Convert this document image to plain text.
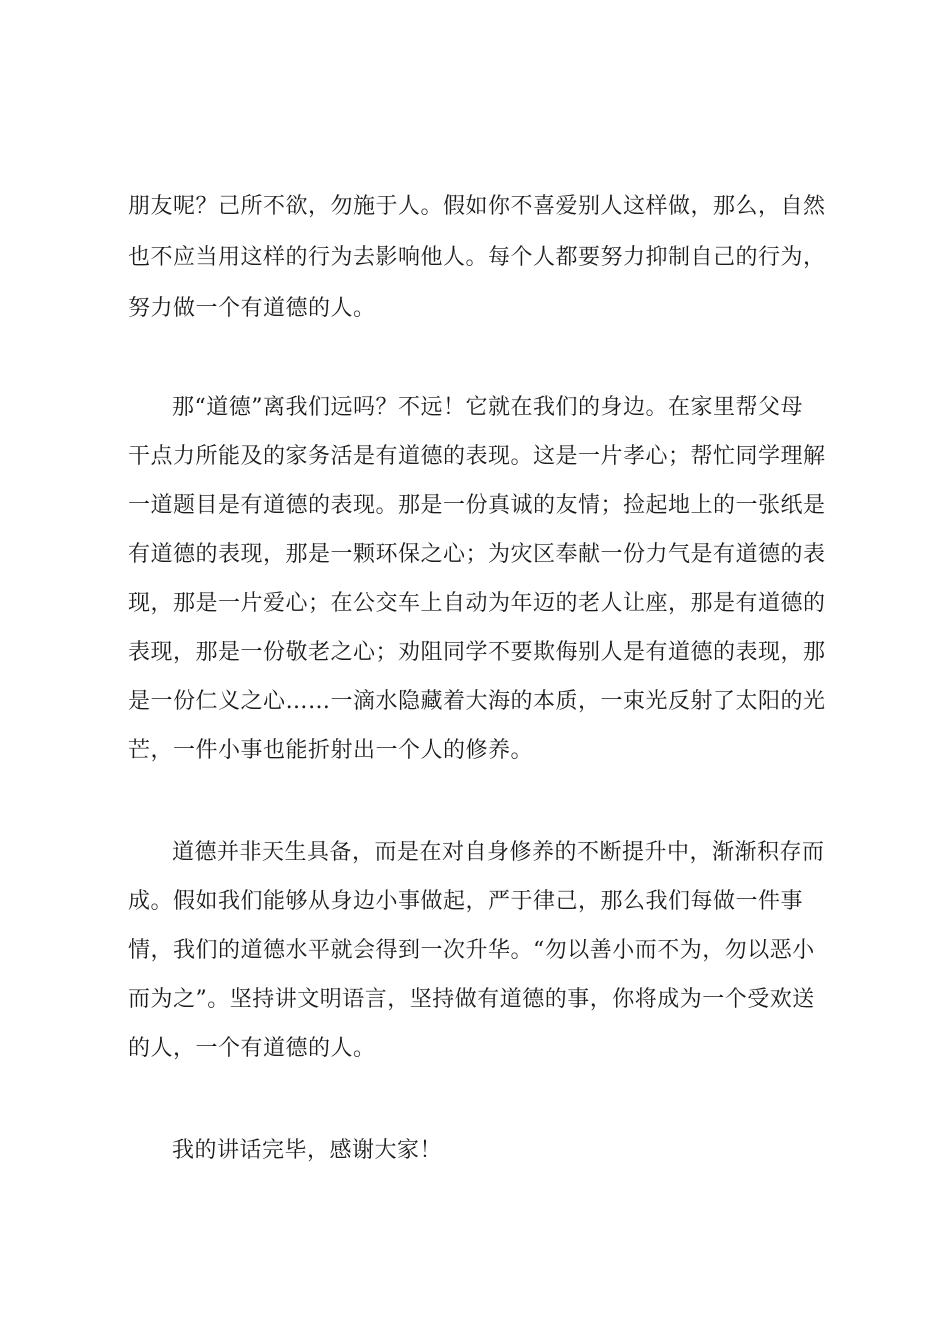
朋友呢？己所不欲，勿施于人。假如你不喜爱别人这样做，那么，自然

也不应当用这样的行为去影响他人。每个人都要努力抑制自己的行为，

努力做一个有道德的人。

那“道德”离我们远吗？不远！它就在我们的身边。在家里帮父母

干点力所能及的家务活是有道德的表现。这是一片孝心；帮忙同学理解

一道题目是有道德的表现。那是一份真诚的友情；捡起地上的一张纸是

有道德的表现，那是一颗环保之心；为灾区奉献一份力气是有道德的表

现，那是一片爱心；在公交车上自动为年迈的老人让座，那是有道德的

表现，那是一份敬老之心；劝阻同学不要欺侮别人是有道德的表现，那

是一份仁义之心……一滴水隐藏着大海的本质，一束光反射了太阳的光

芒，一件小事也能折射出一个人的修养。

道德并非天生具备，而是在对自身修养的不断提升中，渐渐积存而

成。假如我们能够从身边小事做起，严于律己，那么我们每做一件事

情，我们的道德水平就会得到一次升华。“勿以善小而不为，勿以恶小

而为之”。坚持讲文明语言，坚持做有道德的事，你将成为一个受欢送

的人，一个有道德的人。

我的讲话完毕，感谢大家！
